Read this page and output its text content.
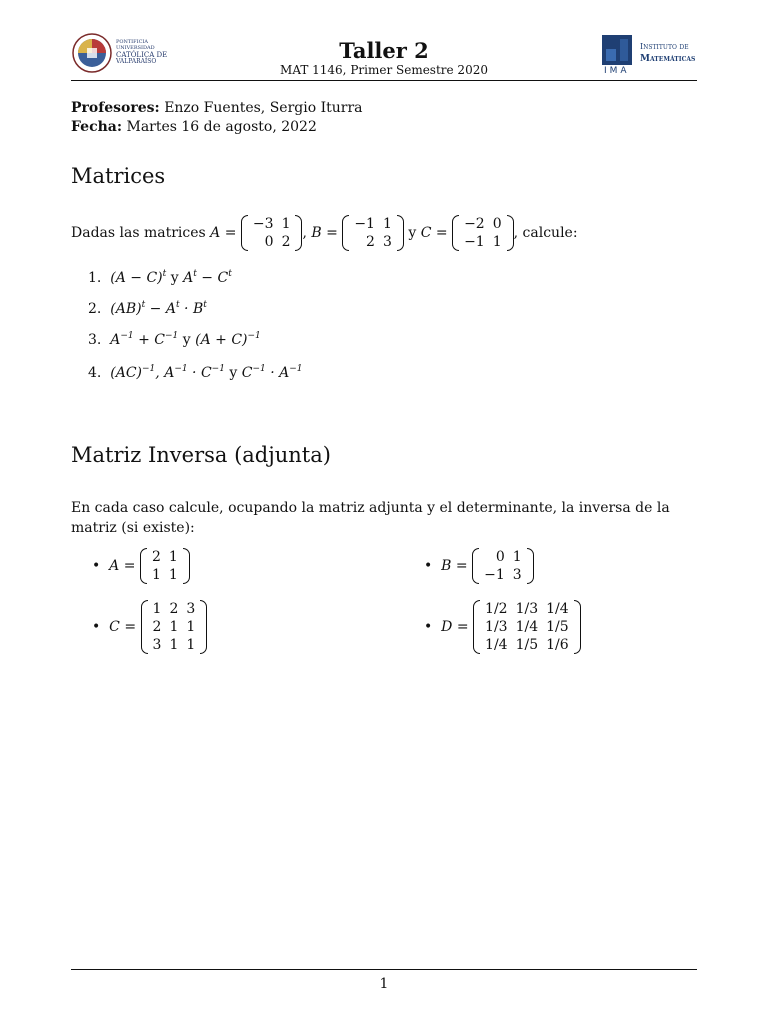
PONTIFICIA
UNIVERSIDAD
CATÓLICA DE
VALPARAÍSO	Taller 2
MAT 1146, Primer Semestre 2020	IMA
Instituto de
Matemáticas
Profesores: Enzo Fuentes, Sergio Iturra
Fecha: Martes 16 de agosto, 2022
Matrices
Dadas las matrices A =
−3	1
0	2
, B =
−1	1
2	3
y C =
−2	0
−1	1
, calcule:
1. $(A - C)^t$ y $A^t - C^t$
2. $(AB)^t - A^t \cdot B^t$
3. $A^{-1} + C^{-1}$ y $(A + C)^{-1}$
4. (AC)$^{-1}$, $A^{-1} \cdot C^{-1}$ y $C^{-1} \cdot A^{-1}$
Matriz Inversa (adjunta)
En cada caso calcule, ocupando la matriz adjunta y el determinante, la inversa de la matriz (si existe):
• A =
2	1
1	1
• B =
0	1
−1	3
• C =
1	2	3
2	1	1
3	1	1
• D =
1/2	1/3	1/4
1/3	1/4	1/5
1/4	1/5	1/6
1
